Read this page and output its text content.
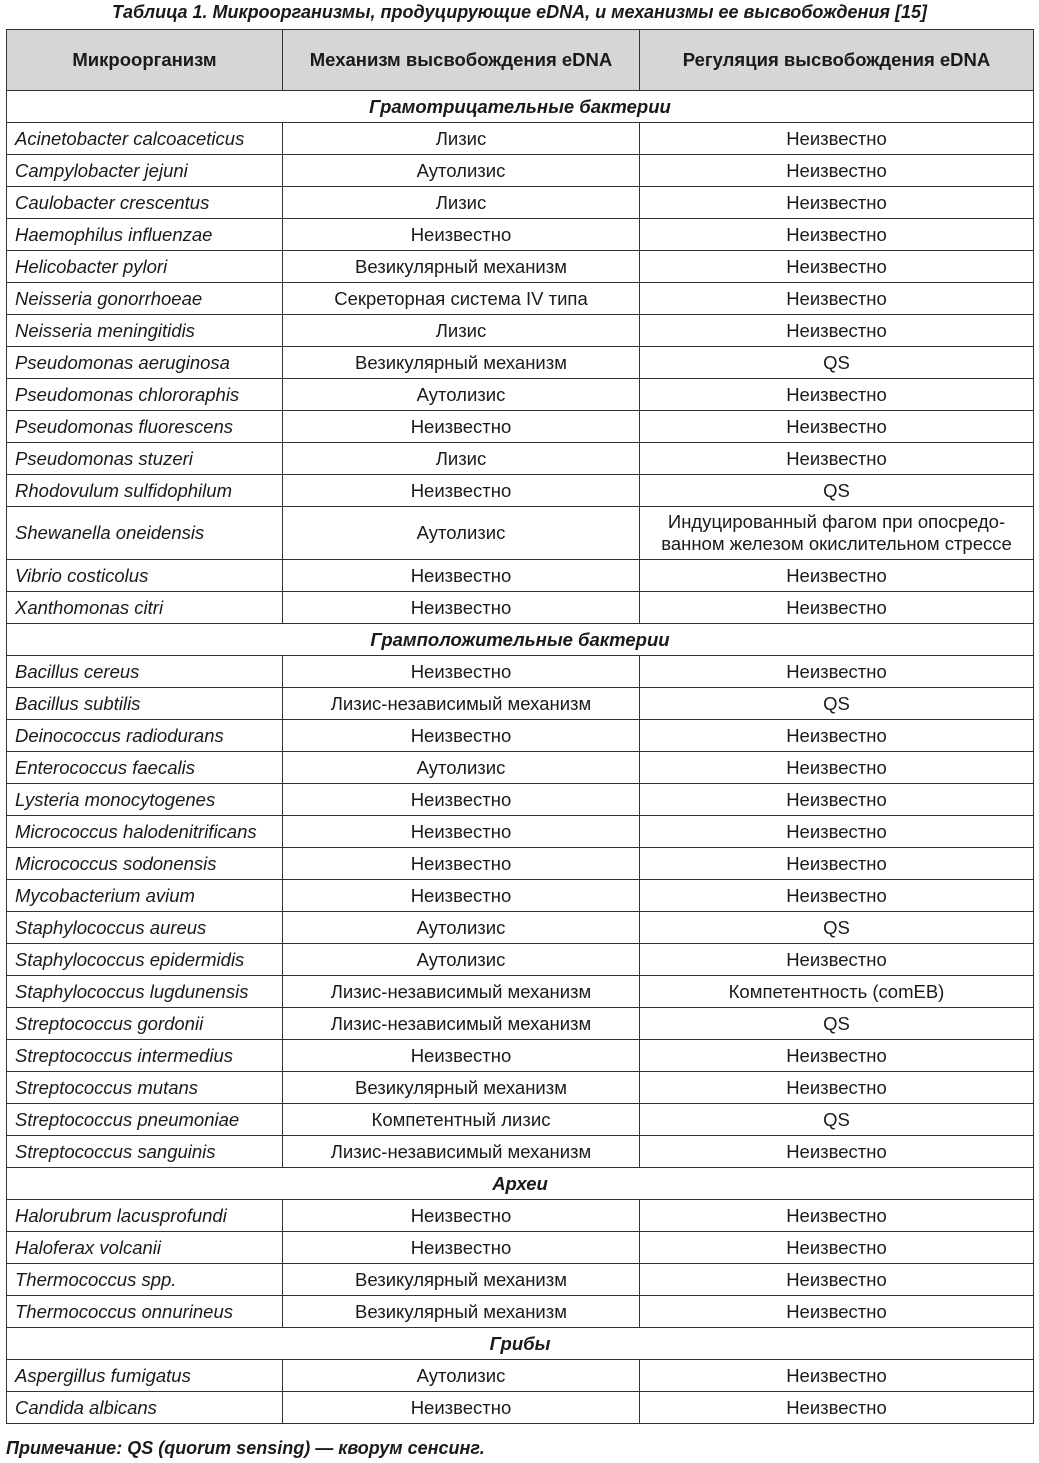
Таблица 1. Микроорганизмы, продуцирующие eDNA, и механизмы ее высвобождения [15]
Микроорганизм	Механизм высвобождения eDNA	Регуляция высвобождения eDNA
Грамотрицательные бактерии		
Acinetobacter calcoaceticus	Лизис	Неизвестно
Campylobacter jejuni	Аутолизис	Неизвестно
Caulobacter crescentus	Лизис	Неизвестно
Haemophilus influenzae	Неизвестно	Неизвестно
Helicobacter pylori	Везикулярный механизм	Неизвестно
Neisseria gonorrhoeae	Секреторная система IV типа	Неизвестно
Neisseria meningitidis	Лизис	Неизвестно
Pseudomonas aeruginosa	Везикулярный механизм	QS
Pseudomonas chlororaphis	Аутолизис	Неизвестно
Pseudomonas fluorescens	Неизвестно	Неизвестно
Pseudomonas stuzeri	Лизис	Неизвестно
Rhodovulum sulfidophilum	Неизвестно	QS
Shewanella oneidensis	Аутолизис	Индуцированный фагом при опосредо-ванном железом окислительном стрессе
Vibrio costicolus	Неизвестно	Неизвестно
Xanthomonas citri	Неизвестно	Неизвестно
Грамположительные бактерии		
Bacillus cereus	Неизвестно	Неизвестно
Bacillus subtilis	Лизис-независимый механизм	QS
Deinococcus radiodurans	Неизвестно	Неизвестно
Enterococcus faecalis	Аутолизис	Неизвестно
Lysteria monocytogenes	Неизвестно	Неизвестно
Micrococcus halodenitrificans	Неизвестно	Неизвестно
Micrococcus sodonensis	Неизвестно	Неизвестно
Mycobacterium avium	Неизвестно	Неизвестно
Staphylococcus aureus	Аутолизис	QS
Staphylococcus epidermidis	Аутолизис	Неизвестно
Staphylococcus lugdunensis	Лизис-независимый механизм	Компетентность (comEB)
Streptococcus gordonii	Лизис-независимый механизм	QS
Streptococcus intermedius	Неизвестно	Неизвестно
Streptococcus mutans	Везикулярный механизм	Неизвестно
Streptococcus pneumoniae	Компетентный лизис	QS
Streptococcus sanguinis	Лизис-независимый механизм	Неизвестно
Археи		
Halorubrum lacusprofundi	Неизвестно	Неизвестно
Haloferax volcanii	Неизвестно	Неизвестно
Thermococcus spp.	Везикулярный механизм	Неизвестно
Thermococcus onnurineus	Везикулярный механизм	Неизвестно
Грибы		
Aspergillus fumigatus	Аутолизис	Неизвестно
Candida albicans	Неизвестно	Неизвестно
Примечание: QS (quorum sensing) — кворум сенсинг.
